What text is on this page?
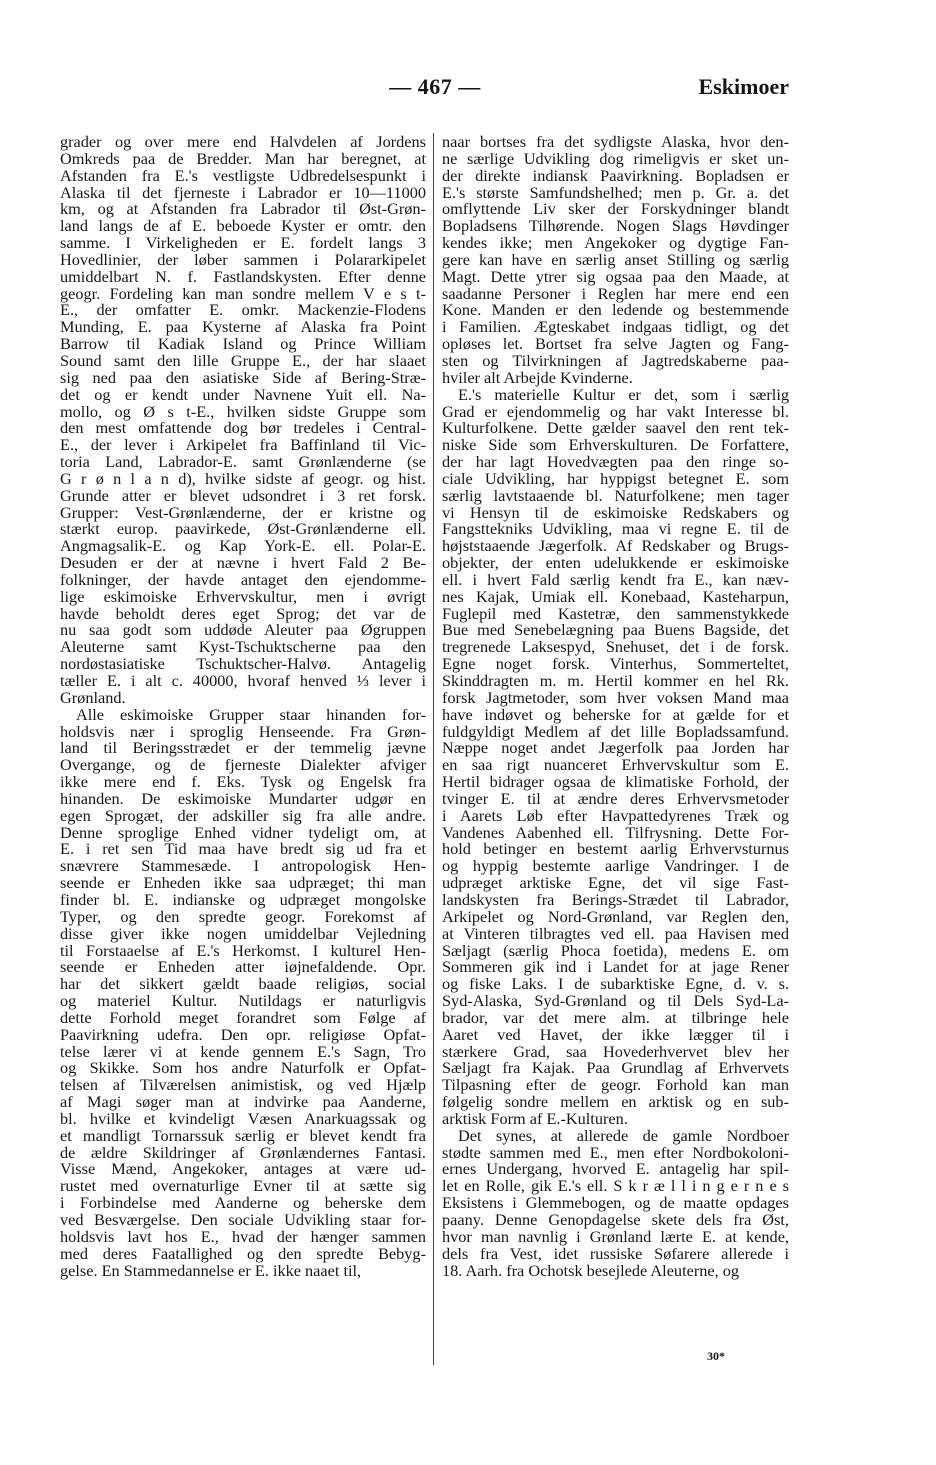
— 467 —	Eskimoer
grader og over mere end Halvdelen af Jordens
Omkreds paa de Bredder. Man har beregnet, at
Afstanden fra E.'s vestligste Udbredelsespunkt i
Alaska til det fjerneste i Labrador er 10—11000
km, og at Afstanden fra Labrador til Øst-Grøn-
land langs de af E. beboede Kyster er omtr. den
samme. I Virkeligheden er E. fordelt langs 3
Hovedlinier, der løber sammen i Polararkipelet
umiddelbart N. f. Fastlandskysten. Efter denne
geogr. Fordeling kan man sondre mellem V e s t-
E., der omfatter E. omkr. Mackenzie-Flodens
Munding, E. paa Kysterne af Alaska fra Point
Barrow til Kadiak Island og Prince William
Sound samt den lille Gruppe E., der har slaaet
sig ned paa den asiatiske Side af Bering-Stræ-
det og er kendt under Navnene Yuit ell. Na-
mollo, og Ø s t-E., hvilken sidste Gruppe som
den mest omfattende dog bør tredeles i Central-
E., der lever i Arkipelet fra Baffinland til Vic-
toria Land, Labrador-E. samt Grønlænderne (se
G r ø n l a n d), hvilke sidste af geogr. og hist.
Grunde atter er blevet udsondret i 3 ret forsk.
Grupper: Vest-Grønlænderne, der er kristne og
stærkt europ. paavirkede, Øst-Grønlænderne ell.
Angmagsalik-E. og Kap York-E. ell. Polar-E.
Desuden er der at nævne i hvert Fald 2 Be-
folkninger, der havde antaget den ejendomme-
lige eskimoiske Erhvervskultur, men i øvrigt
havde beholdt deres eget Sprog; det var de
nu saa godt som uddøde Aleuter paa Øgruppen
Aleuterne samt Kyst-Tschuktscherne paa den
nordøstasiatiske Tschuktscher-Halvø. Antagelig
tæller E. i alt c. 40000, hvoraf henved ⅓ lever i
Grønland.
Alle eskimoiske Grupper staar hinanden for-
holdsvis nær i sproglig Henseende. Fra Grøn-
land til Beringsstrædet er der temmelig jævne
Overgange, og de fjerneste Dialekter afviger
ikke mere end f. Eks. Tysk og Engelsk fra
hinanden. De eskimoiske Mundarter udgør en
egen Sprogæt, der adskiller sig fra alle andre.
Denne sproglige Enhed vidner tydeligt om, at
E. i ret sen Tid maa have bredt sig ud fra et
snævrere Stammesæde. I antropologisk Hen-
seende er Enheden ikke saa udpræget; thi man
finder bl. E. indianske og udpræget mongolske
Typer, og den spredte geogr. Forekomst af
disse giver ikke nogen umiddelbar Vejledning
til Forstaaelse af E.'s Herkomst. I kulturel Hen-
seende er Enheden atter iøjnefaldende. Opr.
har det sikkert gældt baade religiøs, social
og materiel Kultur. Nutildags er naturligvis
dette Forhold meget forandret som Følge af
Paavirkning udefra. Den opr. religiøse Opfat-
telse lærer vi at kende gennem E.'s Sagn, Tro
og Skikke. Som hos andre Naturfolk er Opfat-
telsen af Tilværelsen animistisk, og ved Hjælp
af Magi søger man at indvirke paa Aanderne,
bl. hvilke et kvindeligt Væsen Anarkuagssak og
et mandligt Tornarssuk særlig er blevet kendt fra
de ældre Skildringer af Grønlændernes Fantasi.
Visse Mænd, Angekoker, antages at være ud-
rustet med overnaturlige Evner til at sætte sig
i Forbindelse med Aanderne og beherske dem
ved Besværgelse. Den sociale Udvikling staar for-
holdsvis lavt hos E., hvad der hænger sammen
med deres Faatallighed og den spredte Bebyg-
gelse. En Stammedannelse er E. ikke naaet til,
naar bortses fra det sydligste Alaska, hvor den-
ne særlige Udvikling dog rimeligvis er sket un-
der direkte indiansk Paavirkning. Bopladsen er
E.'s største Samfundshelhed; men p. Gr. a. det
omflyttende Liv sker der Forskydninger blandt
Bopladsens Tilhørende. Nogen Slags Høvdinger
kendes ikke; men Angekoker og dygtige Fan-
gere kan have en særlig anset Stilling og særlig
Magt. Dette ytrer sig ogsaa paa den Maade, at
saadanne Personer i Reglen har mere end een
Kone. Manden er den ledende og bestemmende
i Familien. Ægteskabet indgaas tidligt, og det
opløses let. Bortset fra selve Jagten og Fang-
sten og Tilvirkningen af Jagtredskaberne paa-
hviler alt Arbejde Kvinderne.
E.'s materielle Kultur er det, som i særlig
Grad er ejendommelig og har vakt Interesse bl.
Kulturfolkene. Dette gælder saavel den rent tek-
niske Side som Erhverskulturen. De Forfattere,
der har lagt Hovedvægten paa den ringe so-
ciale Udvikling, har hyppigst betegnet E. som
særlig lavtstaaende bl. Naturfolkene; men tager
vi Hensyn til de eskimoiske Redskabers og
Fangsttekniks Udvikling, maa vi regne E. til de
højststaaende Jægerfolk. Af Redskaber og Brugs-
objekter, der enten udelukkende er eskimoiske
ell. i hvert Fald særlig kendt fra E., kan næv-
nes Kajak, Umiak ell. Konebaad, Kasteharpun,
Fuglepil med Kastetræ, den sammenstykkede
Bue med Senebelægning paa Buens Bagside, det
tregrenede Laksespyd, Snehuset, det i de forsk.
Egne noget forsk. Vinterhus, Sommerteltet,
Skinddragten m. m. Hertil kommer en hel Rk.
forsk Jagtmetoder, som hver voksen Mand maa
have indøvet og beherske for at gælde for et
fuldgyldigt Medlem af det lille Bopladssamfund.
Næppe noget andet Jægerfolk paa Jorden har
en saa rigt nuanceret Erhvervskultur som E.
Hertil bidrager ogsaa de klimatiske Forhold, der
tvinger E. til at ændre deres Erhvervsmetoder
i Aarets Løb efter Havpattedyrenes Træk og
Vandenes Aabenhed ell. Tilfrysning. Dette For-
hold betinger en bestemt aarlig Erhvervsturnus
og hyppig bestemte aarlige Vandringer. I de
udpræget arktiske Egne, det vil sige Fast-
landskysten fra Berings-Strædet til Labrador,
Arkipelet og Nord-Grønland, var Reglen den,
at Vinteren tilbragtes ved ell. paa Havisen med
Sæljagt (særlig Phoca foetida), medens E. om
Sommeren gik ind i Landet for at jage Rener
og fiske Laks. I de subarktiske Egne, d. v. s.
Syd-Alaska, Syd-Grønland og til Dels Syd-La-
brador, var det mere alm. at tilbringe hele
Aaret ved Havet, der ikke lægger til i
stærkere Grad, saa Hovederhvervet blev her
Sæljagt fra Kajak. Paa Grundlag af Erhvervets
Tilpasning efter de geogr. Forhold kan man
følgelig sondre mellem en arktisk og en sub-
arktisk Form af E.-Kulturen.
Det synes, at allerede de gamle Nordboer
stødte sammen med E., men efter Nordbokoloni-
ernes Undergang, hvorved E. antagelig har spil-
let en Rolle, gik E.'s ell. S k r æ l l i n g e r n e s
Eksistens i Glemmebogen, og de maatte opdages
paany. Denne Genopdagelse skete dels fra Øst,
hvor man navnlig i Grønland lærte E. at kende,
dels fra Vest, idet russiske Søfarere allerede i
18. Aarh. fra Ochotsk besejlede Aleuterne, og
30*
